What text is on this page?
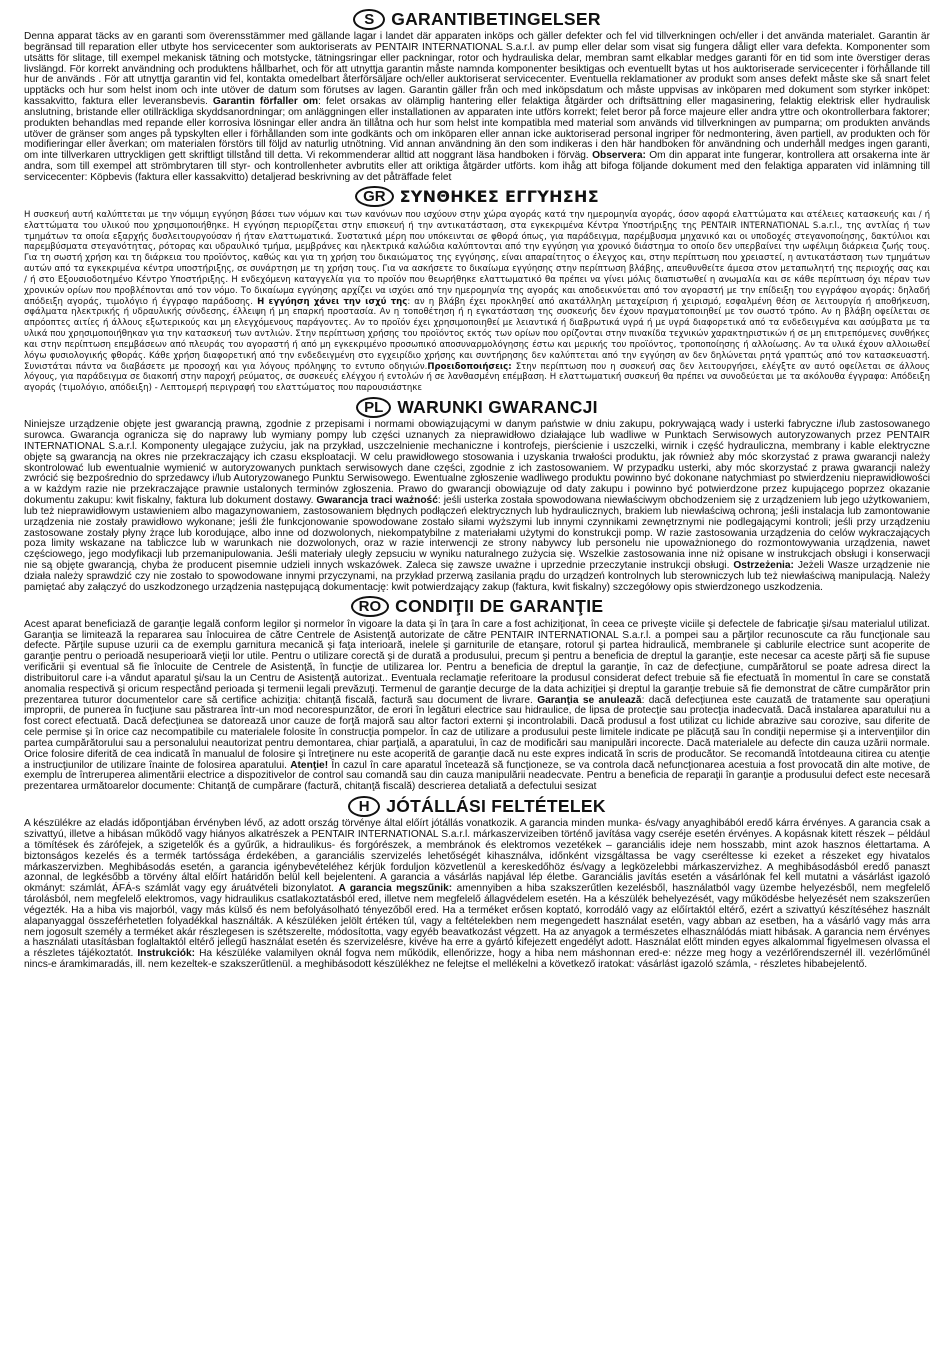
S GARANTIBETINGELSER

Denna apparat täcks av en garanti som överensstämmer med gällande lagar i landet där apparaten inköps och gäller defekter och fel vid tillverkningen och/eller i det använda materialet. Garantin är begränsad till reparation eller utbyte hos servicecenter som auktoriserats av PENTAIR INTERNATIONAL S.a.r.l. av pump eller delar som visat sig fungera dåligt eller vara defekta. Komponenter som utsätts för slitage, till exempel mekanisk tätning och motstycke, tätningsringar eller packningar, rotor och hydrauliska delar, membran samt elkablar medges garanti för en tid som inte överstiger deras livslängd. För korrekt användning och produktens hållbarhet, och för att utnyttja garantin måste namnda komponenter besiktigas och eventuellt bytas ut hos auktoriserade servicecenter i förhållande till hur de används . För att utnyttja garantin vid fel, kontakta omedelbart återförsäljare och/eller auktoriserat servicecenter. Eventuella reklamationer av produkt som anses defekt måste ske så snart felet upptäcks och hur som helst inom och inte utöver de datum som förutses av lagen. Garantin gäller från och med inköpsdatum och måste uppvisas av inköparen med dokument som styrker inköpet: kassakvitto, faktura eller leveransbevis. Garantin förfaller om: felet orsakas av olämplig hantering eller felaktiga åtgärder och driftsättning eller magasinering, felaktig elektrisk eller hydraulisk anslutning, bristande eller otillräckliga skyddsanordningar; om anläggningen eller installationen av apparaten inte utförs korrekt; felet beror på force majeure eller andra yttre och okontrollerbara faktorer; produkten behandlas med repande eller korrosiva lösningar eller andra än tillåtna och hur som helst inte kompatibla med material som används vid tillverkningen av pumparna; om produkten används utöver de gränser som anges på typskylten eller i förhållanden som inte godkänts och om inköparen eller annan icke auktoriserad personal ingriper för nedmontering, även partiell, av produkten och för modifieringar eller åverkan; om materialen förstörs till följd av naturlig utnötning. Vid annan användning än den som indikeras i den här handboken för användning och underhåll medges ingen garanti, om inte tillverkaren uttryckligen gett skriftligt tillstånd till detta. Vi rekommenderar alltid att noggrant läsa handboken i förväg. Observera: Om din apparat inte fungerar, kontrollera att orsakerna inte är andra, som till exempel att strömbrytaren till styr- och kontrollenheter avbrutits eller att oriktiga åtgärder utförts. kom ihåg att bifoga följande dokument med den felaktiga apparaten vid inlämning till servicecenter: Köpbevis (faktura eller kassakvitto) detaljerad beskrivning av det påträffade felet

GR ΣΥΝΘΗΚΕΣ ΕΓΓΥΗΣΗΣ

Η συσκευή αυτή καλύπτεται με την νόμιμη εγγύηση βάσει των νόμων και των κανόνων που ισχύουν στην χώρα αγοράς κατά την ημερομηνία αγοράς, όσον αφορά ελαττώματα και ατέλειες κατασκευής και / ή ελαττώματα του υλικού που χρησιμοποιήθηκε. Η εγγύηση περιορίζεται στην επισκευή ή την αντικατάσταση, στα εγκεκριμένα Κέντρα Υποστήριξης της PENTAIR INTERNATIONAL S.a.r.l., της αντλίας ή των τμημάτων τα οποία εξαρχής δυσλειτουργούσαν ή ήταν ελαττωματικά. Συστατικά μέρη που υπόκεινται σε φθορά όπως, για παράδειγμα, παρέμβυσμα μηχανικό και οι υποδοχές στεγανοποίησης, δακτύλιοι και παρεμβύσματα στεγανότητας, ρότορας και υδραυλικό τμήμα, μεμβράνες και ηλεκτρικά καλώδια καλύπτονται από την εγγύηση για χρονικό διάστημα το οποίο δεν υπερβαίνει την ωφέλιμη διάρκεια ζωής τους. Για τη σωστή χρήση και τη διάρκεια του προϊόντος, καθώς και για τη χρήση του δικαιώματος της εγγύησης, είναι απαραίτητος ο έλεγχος και, στην περίπτωση που χρειαστεί, η αντικατάσταση των τμημάτων αυτών από τα εγκεκριμένα κέντρα υποστήριξης, σε συνάρτηση με τη χρήση τους. Για να ασκήσετε το δικαίωμα εγγύησης στην περίπτωση βλάβης, απευθυνθείτε άμεσα στον μεταπωλητή της περιοχής σας και / ή στο Εξουσιοδοτημένο Κέντρο Υποστήριξης. Η ενδεχόμενη καταγγελία για το προϊόν που θεωρήθηκε ελαττωματικό θα πρέπει να γίνει μόλις διαπιστωθεί η ανωμαλία και σε κάθε περίπτωση όχι πέραν των χρονικών ορίων που προβλέπονται από τον νόμο. Το δικαίωμα εγγύησης αρχίζει να ισχύει από την ημερομηνία της αγοράς και αποδεικνύεται από τον αγοραστή με την επίδειξη του εγγράφου αγοράς: δηλαδή απόδειξη αγοράς, τιμολόγιο ή έγγραφο παράδοσης. Η εγγύηση χάνει την ισχύ της: αν η βλάβη έχει προκληθεί από ακατάλληλη μεταχείριση ή χειρισμό, εσφαλμένη θέση σε λειτουργία ή αποθήκευση, σφάλματα ηλεκτρικής ή υδραυλικής σύνδεσης, έλλειψη ή μη επαρκή προστασία. Αν η τοποθέτηση ή η εγκατάσταση της συσκευής δεν έχουν πραγματοποιηθεί με τον σωστό τρόπο. Αν η βλάβη οφείλεται σε απρόοπτες αιτίες ή άλλους εξωτερικούς και μη ελεγχόμενους παράγοντες. Αν το προϊόν έχει χρησιμοποιηθεί με λειαντικά ή διαβρωτικά υγρά ή με υγρά διαφορετικά από τα ενδεδειγμένα και ασύμβατα με τα υλικά που χρησιμοποιήθηκαν για την κατασκευή των αντλιών. Στην περίπτωση χρήσης του προϊόντος εκτός των ορίων που ορίζονται στην πινακίδα τεχνικών χαρακτηριστικών ή σε μη επιτρεπόμενες συνθήκες και στην περίπτωση επεμβάσεων από πλευράς του αγοραστή ή από μη εγκεκριμένο προσωπικό αποσυναρμολόγησης έστω και μερικής του προϊόντος, τροποποίησης ή αλλοίωσης. Αν τα υλικά έχουν αλλοιωθεί λόγω φυσιολογικής φθοράς. Κάθε χρήση διαφορετική από την ενδεδειγμένη στο εγχειρίδιο χρήσης και συντήρησης δεν καλύπτεται από την εγγύηση αν δεν δηλώνεται ρητά γραπτώς από τον κατασκευαστή. Συνιστάται πάντα να διαβάσετε με προσοχή και για λόγους πρόληψης το εντυπο οδηγιών.Προειδοποιήσεις: Στην περίπτωση που η συσκευή σας δεν λειτουργήσει, ελέγξτε αν αυτό οφείλεται σε άλλους λόγους, για παράδειγμα σε διακοπή στην παροχή ρεύματος, σε συσκευές ελέγχου ή εντολών ή σε λανθασμένη επέμβαση. Η ελαττωματική συσκευή θα πρέπει να συνοδεύεται με τα ακόλουθα έγγραφα: Απόδειξη αγοράς (τιμολόγιο, απόδειξη) - Λεπτομερή περιγραφή του ελαττώματος που παρουσιάστηκε

PL WARUNKI GWARANCJI

Niniejsze urządzenie objęte jest gwarancją prawną, zgodnie z przepisami i normami obowiązującymi w danym państwie w dniu zakupu, pokrywającą wady i usterki fabryczne i/lub zastosowanego surowca. Gwarancja ogranicza się do naprawy lub wymiany pompy lub części uznanych za nieprawidłowo działające lub wadliwe w Punktach Serwisowych autoryzowanych przez PENTAIR INTERNATIONAL S.a.r.l. Komponenty ulegające zużyciu, jak na przykład, uszczelnienie mechaniczne i kontrofejs, pierścienie i uszczelki, wirnik i część hydrauliczna, membrany i kable elektryczne objęte są gwarancją na okres nie przekraczający ich czasu eksploatacji. W celu prawidłowego stosowania i uzyskania trwałości produktu, jak również aby móc skorzystać z prawa gwarancji należy skontrolować lub ewentualnie wymienić w autoryzowanych punktach serwisowych dane części, zgodnie z ich zastosowaniem. W przypadku usterki, aby móc skorzystać z prawa gwarancji należy zwrócić się bezpośrednio do sprzedawcy i/lub Autoryzowanego Punktu Serwisowego. Ewentualne zgłoszenie wadliwego produktu powinno być dokonane natychmiast po stwierdzeniu nieprawidłowości a w każdym razie nie przekraczające prawnie ustalonych terminów zgłoszenia. Prawo do gwarancji obowiązuje od daty zakupu i powinno być potwierdzone przez kupującego poprzez okazanie dokumentu zakupu: kwit fiskalny, faktura lub dokument dostawy. Gwarancja traci ważność: jeśli usterka została spowodowana niewłaściwym obchodzeniem się z urządzeniem lub jego użytkowaniem, lub też nieprawidłowym ustawieniem albo magazynowaniem, zastosowaniem błędnych podłączeń elektrycznych lub hydraulicznych, brakiem lub niewłaściwą ochroną; jeśli instalacja lub zamontowanie urządzenia nie zostały prawidłowo wykonane; jeśli źle funkcjonowanie spowodowane zostało siłami wyższymi lub innymi czynnikami zewnętrznymi nie podlegającymi kontroli; jeśli przy urządzeniu zastosowane zostały płyny żrące lub korodujące, albo inne od dozwolonych, niekompatybilne z materiałami użytymi do konstrukcji pomp. W razie zastosowania urządzenia do celów wykraczających poza limity wskazane na tabliczce lub w warunkach nie dozwolonych, oraz w razie interwencji ze strony nabywcy lub personelu nie upoważnionego do rozmontowywania urządzenia, nawet częściowego, jego modyfikacji lub przemanipulowania. Jeśli materiały uległy zepsuciu w wyniku naturalnego zużycia się. Wszelkie zastosowania inne niż opisane w instrukcjach obsługi i konserwacji nie są objęte gwarancją, chyba że producent pisemnie udzieli innych wskazówek. Zaleca się zawsze uważne i uprzednie przeczytanie instrukcji obsługi. Ostrzeżenia: Jeżeli Wasze urządzenie nie działa należy sprawdzić czy nie zostało to spowodowane innymi przyczynami, na przykład przerwą zasilania prądu do urządzeń kontrolnych lub sterowniczych lub też niewłaściwą manipulacją. Należy pamiętać aby załączyć do uszkodzonego urządzenia następującą dokumentację: kwit potwierdzający zakup (faktura, kwit fiskalny) szczegółowy opis stwierdzonego uszkodzenia.

RO CONDIŢII DE GARANŢIE

Acest aparat beneficiază de garanţie legală conform legilor şi normelor în vigoare la data şi în ţara în care a fost achiziţionat, în ceea ce priveşte viciile şi defectele de fabricaţie şi/sau materialul utilizat. Garanţia se limitează la repararea sau înlocuirea de către Centrele de Asistenţă autorizate de către PENTAIR INTERNATIONAL S.a.r.l. a pompei sau a părţilor recunoscute ca rău funcţionale sau defecte. Părţile supuse uzurii ca de exemplu garnitura mecanică şi faţa interioară, inelele şi garniturile de etanşare, rotorul şi partea hidraulică, membranele şi cablurile electrice sunt acoperite de garanţie pentru o perioadă nesuperioară vieţii lor utile. Pentru o utilizare corectă şi de durată a produsului, precum şi pentru a beneficia de dreptul la garanţie, este necesar ca aceste părţi să fie supuse verificării şi eventual să fie înlocuite de Centrele de Asistenţă, în funcţie de utilizarea lor. Pentru a beneficia de dreptul la garanţie, în caz de defecţiune, cumpărătorul se poate adresa direct la distribuitorul care i-a vândut aparatul şi/sau la un Centru de Asistenţă autorizat.. Eventuala reclamaţie referitoare la produsul considerat defect trebuie să fie efectuată în momentul în care se constată anomalia respectivă şi oricum respectând perioada şi termenii legali prevăzuţi. Termenul de garanţie decurge de la data achiziţiei şi dreptul la garanţie trebuie să fie demonstrat de către cumpărător prin prezentarea tuturor documentelor care să certifice achiziţia: chitanţă fiscală, factură sau document de livrare. Garanţia se anulează: dacă defecţiunea este cauzată de tratamente sau operaţiuni improprii, de punerea în fucţiune sau păstrarea într-un mod necorespunzător, de erori în legături electrice sau hidraulice, de lipsa de protecţie sau protecţia inadecvată. Dacă instalarea aparatului nu a fost corect efectuată. Dacă defecţiunea se datorează unor cauze de forţă majoră sau altor factori externi şi incontrolabili. Dacă produsul a fost utilizat cu lichide abrazive sau corozive, sau diferite de cele permise şi în orice caz necompatibile cu materialele folosite în construcţia pompelor. În caz de utilizare a produsului peste limitele indicate pe plăcuţă sau în condiţii nepermise şi a intervenţiilor din partea cumpărătorului sau a personalului neautorizat pentru demontarea, chiar parţială, a aparatului, în caz de modificări sau manipulări incorecte. Dacă materialele au defecte din cauza uzării normale. Orice folosire diferită de cea indicată în manualul de folosire şi întreţinere nu este acoperită de garanţie dacă nu este expres indicată în scris de producător. Se recomandă întotdeauna citirea cu atenţie a instrucţiunilor de utilizare înainte de folosirea aparatului. Atenţie! În cazul în care aparatul încetează să funcţioneze, se va controla dacă nefuncţionarea acestuia a fost provocată din alte motive, de exemplu de întreruperea alimentării electrice a dispozitivelor de control sau comandă sau din cauza manipulării neadecvate. Pentru a beneficia de reparaţii în garanţie a produsului defect este necesară prezentarea următoarelor documente: Chitanţă de cumpărare (factură, chitanţă fiscală) descrierea detaliată a defectului sesizat

H JÓTÁLLÁSI FELTÉTELEK

A készülékre az eladás időpontjában érvényben lévő, az adott ország törvénye által előírt jótállás vonatkozik. A garancia minden munka- és/vagy anyaghibából eredő kárra érvényes. A garancia csak a szivattyú, illetve a hibásan működő vagy hiányos alkatrészek a PENTAIR INTERNATIONAL S.a.r.l. márkaszervizeiben történő javítása vagy cseréje esetén érvényes. A kopásnak kitett részek – például a tömítések és zárófejek, a szigetelők és a gyűrűk, a hidraulikus- és forgórészek, a membránok és elektromos vezetékek – garanciális ideje nem hosszabb, mint azok hasznos élettartama. A biztonságos kezelés és a termék tartóssága érdekében, a garanciális szervizelés lehetőségét kihasználva, időnként vizsgáltassa be vagy cseréltesse ki ezeket a részeket egy hivatalos márkaszervizben. Meghibásodás esetén, a garancia igénybevételéhez kérjük forduljon közvetlenül a kereskedőhöz és/vagy a legközelebbi márkaszervizhez. A meghibásodásból eredő panaszt azonnal, de legkésőbb a törvény által előírt határidőn belül kell bejelenteni. A garancia a vásárlás napjával lép életbe. Garanciális javítás esetén a vásárlónak fel kell mutatni a vásárlást igazoló okmányt: számlát, ÁFÁ-s számlát vagy egy áruátvételi bizonylatot. A garancia megszűnik: amennyiben a hiba szakszerűtlen kezelésből, használatból vagy üzembe helyezésből, nem megfelelő tárolásból, nem megfelelő elektromos, vagy hidraulikus csatlakoztatásból ered, illetve nem megfelelő állagvédelem esetén. Ha a készülék behelyezését, vagy működésbe helyezését nem szakszerűen végezték. Ha a hiba vis majorból, vagy más külső és nem befolyásolható tényezőből ered. Ha a terméket erősen koptató, korrodáló vagy az előírtaktól eltérő, ezért a szivattyú készítéséhez használt alapanyaggal összeférhetetlen folyadékkal használták. A készüléken jelölt értéken túl, vagy a feltételekben nem megengedett használat esetén, vagy abban az esetben, ha a vásárló vagy más arra nem jogosult személy a terméket akár részlegesen is szétszerelte, módosította, vagy egyéb beavatkozást végzett. Ha az anyagok a természetes elhasználódás miatt hibásak. A garancia nem érvényes a használati utasításban foglaltaktól eltérő jellegű használat esetén és szervizelésre, kivéve ha erre a gyártó kifejezett engedélyt adott. Használat előtt minden egyes alkalommal figyelmesen olvassa el a részletes tájékoztatót. Instrukciók: Ha készüléke valamilyen oknál fogva nem működik, ellenőrizze, hogy a hiba nem máshonnan ered-e: nézze meg hogy a vezérlőrendszernél ill. vezérlőműnél nincs-e áramkimaradás, ill. nem kezeltek-e szakszerűtlenül. a meghibásodott készülékhez ne felejtse el mellékelni a következő iratokat: vásárlást igazoló számla, - részletes hibabejelentő.
